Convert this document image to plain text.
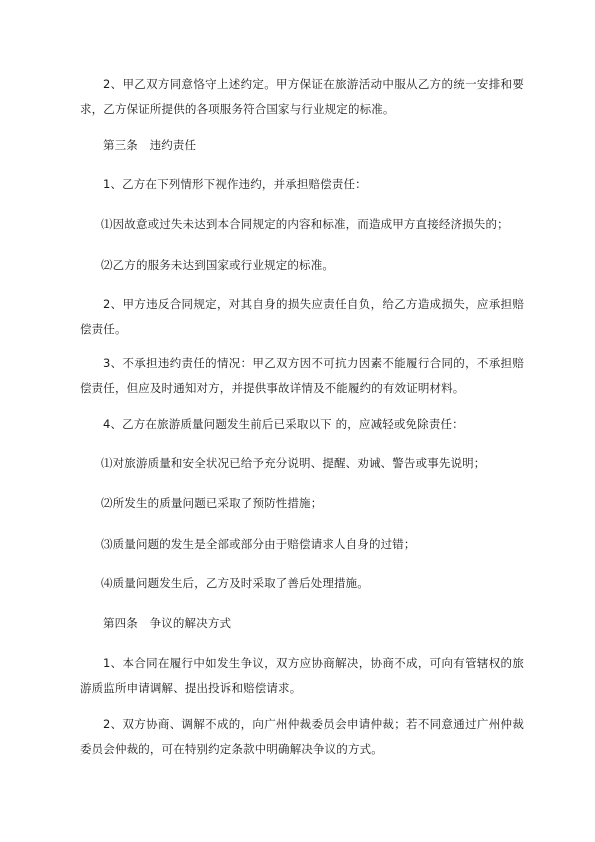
2、甲乙双方同意恪守上述约定。甲方保证在旅游活动中服从乙方的统一安排和要求，乙方保证所提供的各项服务符合国家与行业规定的标准。

第三条　违约责任

1、乙方在下列情形下视作违约，并承担赔偿责任：

⑴因故意或过失未达到本合同规定的内容和标准，而造成甲方直接经济损失的；

⑵乙方的服务未达到国家或行业规定的标准。

2、甲方违反合同规定，对其自身的损失应责任自负，给乙方造成损失，应承担赔偿责任。

3、不承担违约责任的情况：甲乙双方因不可抗力因素不能履行合同的，不承担赔偿责任，但应及时通知对方，并提供事故详情及不能履约的有效证明材料。

4、乙方在旅游质量问题发生前后已采取以下 的，应减轻或免除责任：

⑴对旅游质量和安全状况已给予充分说明、提醒、劝诫、警告或事先说明；

⑵所发生的质量问题已采取了预防性措施；

⑶质量问题的发生是全部或部分由于赔偿请求人自身的过错；

⑷质量问题发生后，乙方及时采取了善后处理措施。

第四条　争议的解决方式

1、本合同在履行中如发生争议，双方应协商解决，协商不成，可向有管辖权的旅游质监所申请调解、提出投诉和赔偿请求。

2、双方协商、调解不成的，向广州仲裁委员会申请仲裁；若不同意通过广州仲裁委员会仲裁的，可在特别约定条款中明确解决争议的方式。
